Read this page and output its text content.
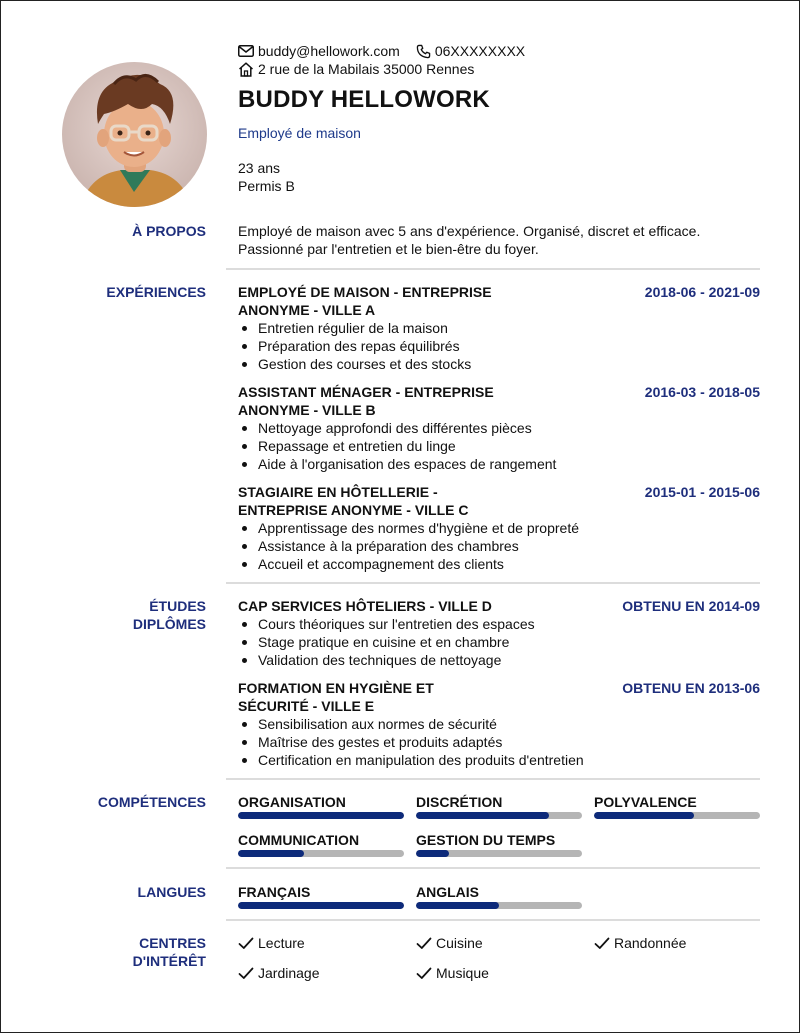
buddy@hellowork.com	06XXXXXXXX
2 rue de la Mabilais 35000 Rennes
BUDDY HELLOWORK
Employé de maison
23 ans
Permis B
À PROPOS Employé de maison avec 5 ans d'expérience. Organisé, discret et efficace.
Passionné par l'entretien et le bien-être du foyer.
EXPÉRIENCES EMPLOYÉ DE MAISON - ENTREPRISE
ANONYME - VILLE A
2018-06 - 2021-09
Entretien régulier de la maison
Préparation des repas équilibrés
Gestion des courses et des stocks
ASSISTANT MÉNAGER - ENTREPRISE
ANONYME - VILLE B
2016-03 - 2018-05
Nettoyage approfondi des différentes pièces
Repassage et entretien du linge
Aide à l'organisation des espaces de rangement
STAGIAIRE EN HÔTELLERIE -
ENTREPRISE ANONYME - VILLE C
2015-01 - 2015-06
Apprentissage des normes d'hygiène et de propreté
Assistance à la préparation des chambres
Accueil et accompagnement des clients
ÉTUDES
DIPLÔMES
CAP SERVICES HÔTELIERS - VILLE D	OBTENU EN 2014-09
Cours théoriques sur l'entretien des espaces
Stage pratique en cuisine et en chambre
Validation des techniques de nettoyage
FORMATION EN HYGIÈNE ET
SÉCURITÉ - VILLE E
OBTENU EN 2013-06
Sensibilisation aux normes de sécurité
Maîtrise des gestes et produits adaptés
Certification en manipulation des produits d'entretien
COMPÉTENCES ORGANISATION	DISCRÉTION	POLYVALENCE
COMMUNICATION	GESTION DU TEMPS
LANGUES FRANÇAIS	ANGLAIS
CENTRES
D'INTÉRÊT
Lecture	Cuisine	Randonnée
Jardinage	Musique
